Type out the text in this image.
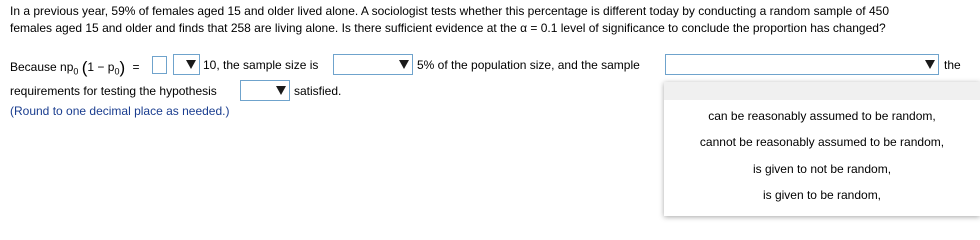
In a previous year, 59% of females aged 15 and older lived alone. A sociologist tests whether this percentage is different today by conducting a random sample of 450
females aged 15 and older and finds that 258 are living alone. Is there sufficient evidence at the α = 0.1 level of significance to conclude the proportion has changed?
Because $np_0$ $(1 - p_0)$ =	10, the sample size is	5% of the population size, and the sample	the
requirements for testing the hypothesis	satisfied.
(Round to one decimal place as needed.)	can be reasonably assumed to be random,
cannot be reasonably assumed to be random,
is given to not be random,
is given to be random,
